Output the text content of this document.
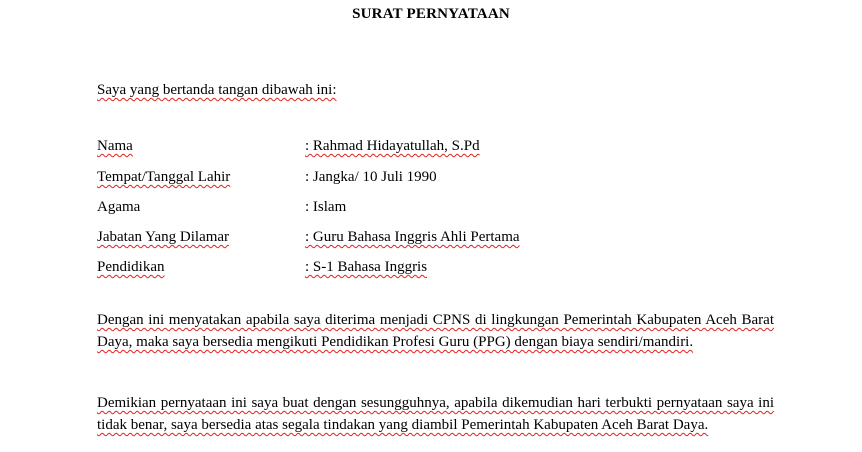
SURAT PERNYATAAN
Saya yang bertanda tangan dibawah ini:
Nama	: Rahmad Hidayatullah, S.Pd
Tempat/Tanggal Lahir	: Jangka/ 10 Juli 1990
Agama	: Islam
Jabatan Yang Dilamar	: Guru Bahasa Inggris Ahli Pertama
Pendidikan	: S-1 Bahasa Inggris
Dengan ini menyatakan apabila saya diterima menjadi CPNS di lingkungan Pemerintah Kabupaten Aceh Barat Daya, maka saya bersedia mengikuti Pendidikan Profesi Guru (PPG) dengan biaya sendiri/mandiri.
Demikian pernyataan ini saya buat dengan sesungguhnya, apabila dikemudian hari terbukti pernyataan saya ini tidak benar, saya bersedia atas segala tindakan yang diambil Pemerintah Kabupaten Aceh Barat Daya.
